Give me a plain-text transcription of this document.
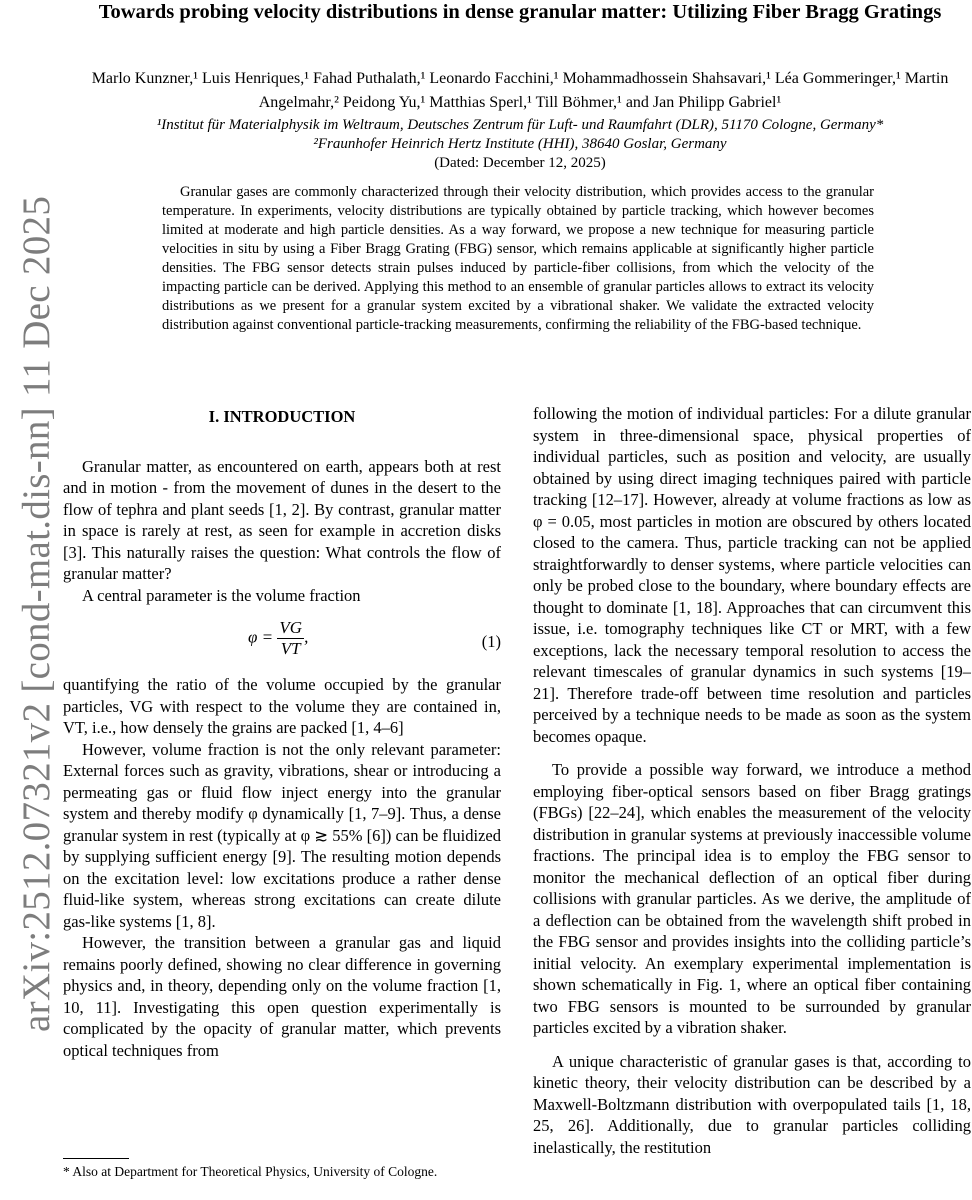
arXiv:2512.07321v2 [cond-mat.dis-nn] 11 Dec 2025
Towards probing velocity distributions in dense granular matter: Utilizing Fiber Bragg Gratings
Marlo Kunzner,¹ Luis Henriques,¹ Fahad Puthalath,¹ Leonardo Facchini,¹ Mohammadhossein Shahsavari,¹ Léa Gommeringer,¹ Martin Angelmahr,² Peidong Yu,¹ Matthias Sperl,¹ Till Böhmer,¹ and Jan Philipp Gabriel¹
¹Institut für Materialphysik im Weltraum, Deutsches Zentrum für Luft- und Raumfahrt (DLR), 51170 Cologne, Germany*
²Fraunhofer Heinrich Hertz Institute (HHI), 38640 Goslar, Germany
(Dated: December 12, 2025)
Granular gases are commonly characterized through their velocity distribution, which provides access to the granular temperature. In experiments, velocity distributions are typically obtained by particle tracking, which however becomes limited at moderate and high particle densities. As a way forward, we propose a new technique for measuring particle velocities in situ by using a Fiber Bragg Grating (FBG) sensor, which remains applicable at significantly higher particle densities. The FBG sensor detects strain pulses induced by particle-fiber collisions, from which the velocity of the impacting particle can be derived. Applying this method to an ensemble of granular particles allows to extract its velocity distributions as we present for a granular system excited by a vibrational shaker. We validate the extracted velocity distribution against conventional particle-tracking measurements, confirming the reliability of the FBG-based technique.
I. INTRODUCTION

Granular matter, as encountered on earth, appears both at rest and in motion - from the movement of dunes in the desert to the flow of tephra and plant seeds [1, 2]. By contrast, granular matter in space is rarely at rest, as seen for example in accretion disks [3]. This naturally raises the question: What controls the flow of granular matter?

A central parameter is the volume fraction

$\varphi = \frac{VG}{VT}$ ,	(1)

quantifying the ratio of the volume occupied by the granular particles, VG with respect to the volume they are contained in, VT, i.e., how densely the grains are packed [1, 4–6]

However, volume fraction is not the only relevant parameter: External forces such as gravity, vibrations, shear or introducing a permeating gas or fluid flow inject energy into the granular system and thereby modify φ dynamically [1, 7–9]. Thus, a dense granular system in rest (typically at φ ≳ 55% [6]) can be fluidized by supplying sufficient energy [9]. The resulting motion depends on the excitation level: low excitations produce a rather dense fluid-like system, whereas strong excitations can create dilute gas-like systems [1, 8].

However, the transition between a granular gas and liquid remains poorly defined, showing no clear difference in governing physics and, in theory, depending only on the volume fraction [1, 10, 11]. Investigating this open question experimentally is complicated by the opacity of granular matter, which prevents optical techniques from

* Also at Department for Theoretical Physics, University of Cologne.

following the motion of individual particles: For a dilute granular system in three-dimensional space, physical properties of individual particles, such as position and velocity, are usually obtained by using direct imaging techniques paired with particle tracking [12–17]. However, already at volume fractions as low as φ = 0.05, most particles in motion are obscured by others located closed to the camera. Thus, particle tracking can not be applied straightforwardly to denser systems, where particle velocities can only be probed close to the boundary, where boundary effects are thought to dominate [1, 18]. Approaches that can circumvent this issue, i.e. tomography techniques like CT or MRT, with a few exceptions, lack the necessary temporal resolution to access the relevant timescales of granular dynamics in such systems [19–21]. Therefore trade-off between time resolution and particles perceived by a technique needs to be made as soon as the system becomes opaque.

To provide a possible way forward, we introduce a method employing fiber-optical sensors based on fiber Bragg gratings (FBGs) [22–24], which enables the measurement of the velocity distribution in granular systems at previously inaccessible volume fractions. The principal idea is to employ the FBG sensor to monitor the mechanical deflection of an optical fiber during collisions with granular particles. As we derive, the amplitude of a deflection can be obtained from the wavelength shift probed in the FBG sensor and provides insights into the colliding particle’s initial velocity. An exemplary experimental implementation is shown schematically in Fig. 1, where an optical fiber containing two FBG sensors is mounted to be surrounded by granular particles excited by a vibration shaker.

A unique characteristic of granular gases is that, according to kinetic theory, their velocity distribution can be described by a Maxwell-Boltzmann distribution with overpopulated tails [1, 18, 25, 26]. Additionally, due to granular particles colliding inelastically, the restitution
